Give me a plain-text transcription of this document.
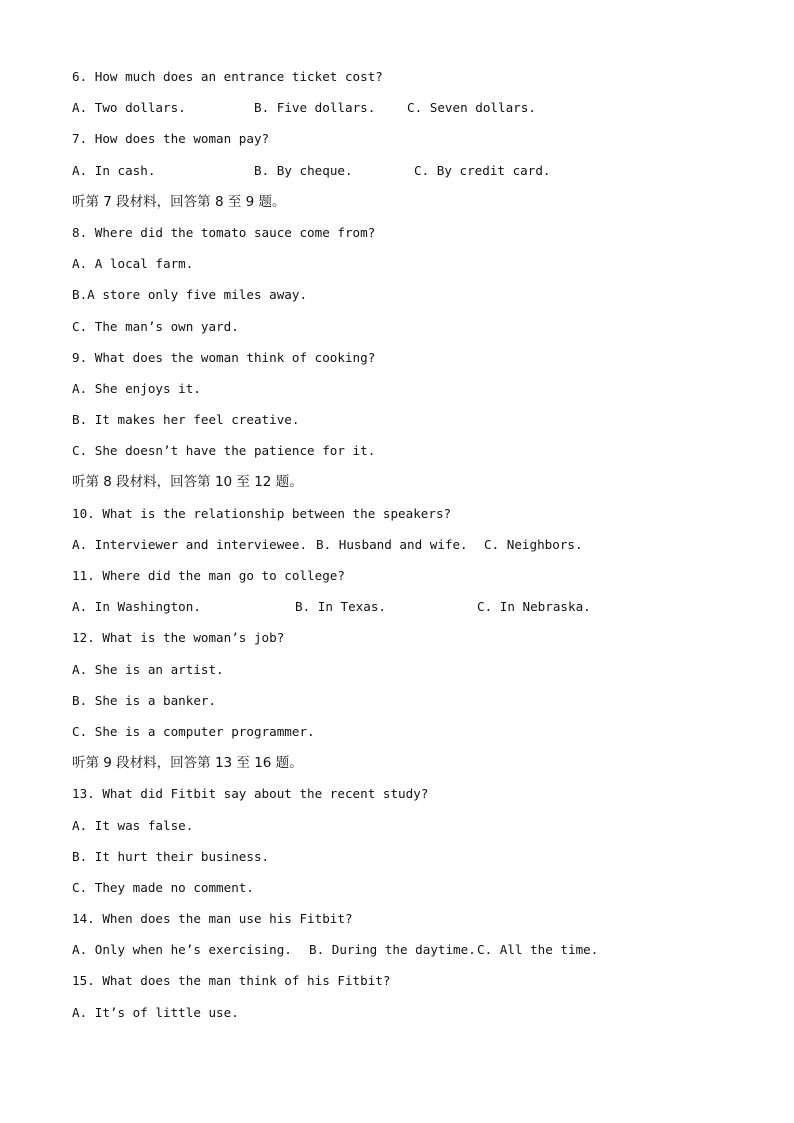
6. How much does an entrance ticket cost?
A. Two dollars.	B. Five dollars.	C. Seven dollars.
7. How does the woman pay?
A. In cash.	B. By cheque.	C. By credit card.
听第 7 段材料，回答第 8 至 9 题。
8. Where did the tomato sauce come from?
A. A local farm.
B.A store only five miles away.
C. The man’s own yard.
9. What does the woman think of cooking?
A. She enjoys it.
B. It makes her feel creative.
C. She doesn’t have the patience for it.
听第 8 段材料，回答第 10 至 12 题。
10. What is the relationship between the speakers?
A. Interviewer and interviewee. B. Husband and wife.	C. Neighbors.
11. Where did the man go to college?
A. In Washington.	B. In Texas.	C. In Nebraska.
12. What is the woman’s job?
A. She is an artist.
B. She is a banker.
C. She is a computer programmer.
听第 9 段材料，回答第 13 至 16 题。
13. What did Fitbit say about the recent study?
A. It was false.
B. It hurt their business.
C. They made no comment.
14. When does the man use his Fitbit?
A. Only when he’s exercising.	B. During the daytime. C. All the time.
15. What does the man think of his Fitbit?
A. It’s of little use.
